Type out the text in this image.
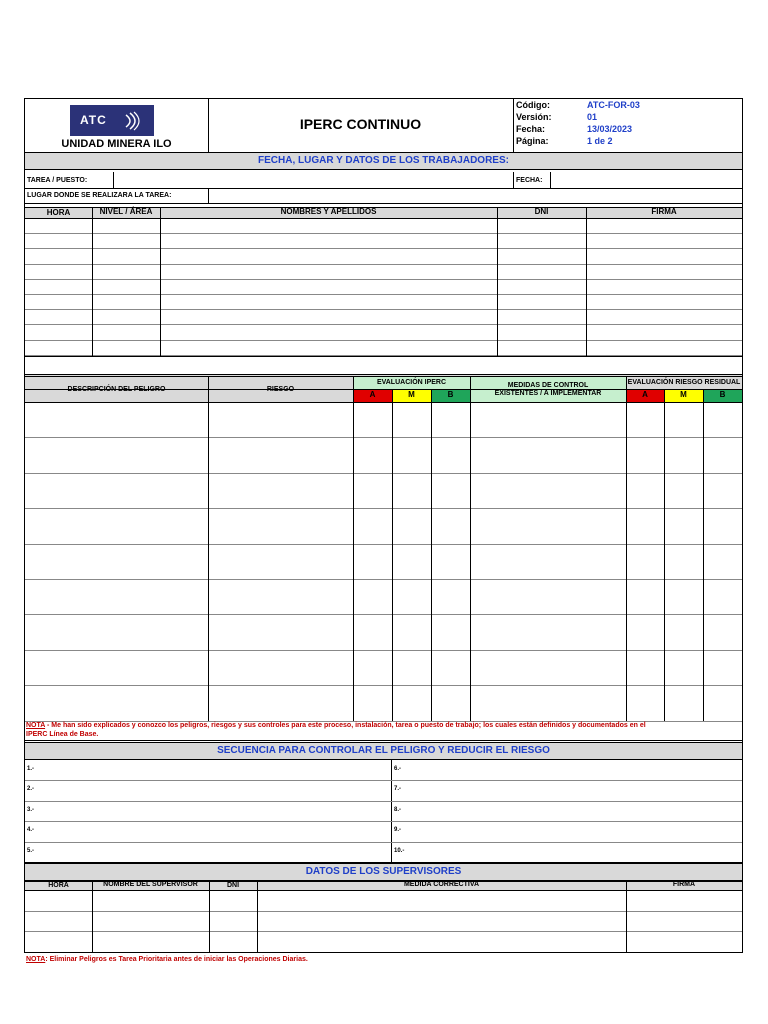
ATC
UNIDAD MINERA ILO
IPERC CONTINUO
Código:	ATC-FOR-03
Versión:	01
Fecha:	13/03/2023
Página:	1 de 2
FECHA, LUGAR Y DATOS DE LOS TRABAJADORES:
TAREA / PUESTO:	FECHA:
LUGAR DONDE SE REALIZARA LA TAREA:
HORA	NIVEL / ÁREA	NOMBRES Y APELLIDOS	DNI	FIRMA
DESCRIPCIÓN DEL PELIGRO	RIESGO
EVALUACIÓN IPERC
A	M	B
MEDIDAS DE CONTROL
EXISTENTES / A IMPLEMENTAR
EVALUACIÓN RIESGO RESIDUAL
A	M	B
NOTA - Me han sido explicados y conozco los peligros, riesgos y sus controles para este proceso, instalación, tarea o puesto de trabajo; los cuales están definidos y documentados en el
IPERC Línea de Base.
SECUENCIA PARA CONTROLAR EL PELIGRO Y REDUCIR EL RIESGO
1.-	6.-
2.-	7.-
3.-	8.-
4.-	9.-
5.-	10.-
DATOS DE LOS SUPERVISORES
HORA	NOMBRE DEL SUPERVISOR	DNI	MEDIDA CORRECTIVA	FIRMA
NOTA: Eliminar Peligros es Tarea Prioritaria antes de iniciar las Operaciones Diarias.
